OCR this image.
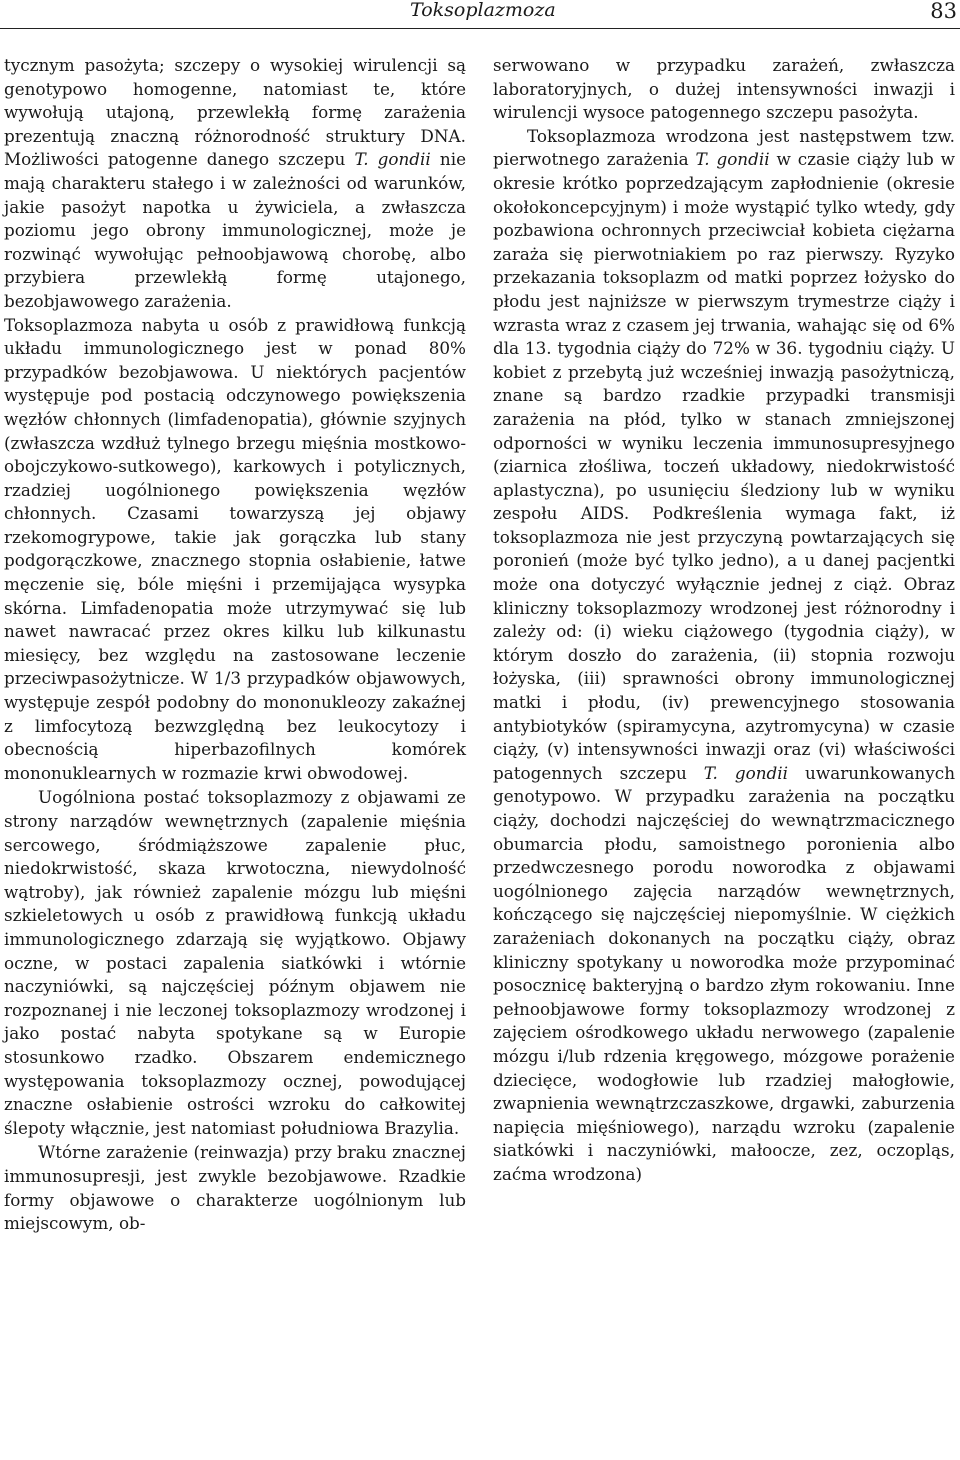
Toksoplazmoza	83

tycznym pasożyta; szczepy o wysokiej wirulencji są genotypowo homogenne, natomiast te, które wywołują utajoną, przewlekłą formę zarażenia prezentują znaczną różnorodność struktury DNA. Możliwości patogenne danego szczepu T. gondii nie mają charakteru stałego i w zależności od warunków, jakie pasożyt napotka u żywiciela, a zwłaszcza poziomu jego obrony immunologicznej, może je rozwinąć wywołując pełnoobjawową chorobę, albo przybiera przewlekłą formę utajonego, bezobjawowego zarażenia.

Toksoplazmoza nabyta u osób z prawidłową funkcją układu immunologicznego jest w ponad 80% przypadków bezobjawowa. U niektórych pacjentów występuje pod postacią odczynowego powiększenia węzłów chłonnych (limfadenopatia), głównie szyjnych (zwłaszcza wzdłuż tylnego brzegu mięśnia mostkowo-obojczykowo-sutkowego), karkowych i potylicznych, rzadziej uogólnionego powiększenia węzłów chłonnych. Czasami towarzyszą jej objawy rzekomogrypowe, takie jak gorączka lub stany podgorączkowe, znacznego stopnia osłabienie, łatwe męczenie się, bóle mięśni i przemijająca wysypka skórna. Limfadenopatia może utrzymywać się lub nawet nawracać przez okres kilku lub kilkunastu miesięcy, bez względu na zastosowane leczenie przeciwpasożytnicze. W 1/3 przypadków objawowych, występuje zespół podobny do mononukleozy zakaźnej z limfocytozą bezwzględną bez leukocytozy i obecnością hiperbazofilnych komórek mononuklearnych w rozmazie krwi obwodowej.

Uogólniona postać toksoplazmozy z objawami ze strony narządów wewnętrznych (zapalenie mięśnia sercowego, śródmiąższowe zapalenie płuc, niedokrwistość, skaza krwotoczna, niewydolność wątroby), jak również zapalenie mózgu lub mięśni szkieletowych u osób z prawidłową funkcją układu immunologicznego zdarzają się wyjątkowo. Objawy oczne, w postaci zapalenia siatkówki i wtórnie naczyniówki, są najczęściej późnym objawem nie rozpoznanej i nie leczonej toksoplazmozy wrodzonej i jako postać nabyta spotykane są w Europie stosunkowo rzadko. Obszarem endemicznego występowania toksoplazmozy ocznej, powodującej znaczne osłabienie ostrości wzroku do całkowitej ślepoty włącznie, jest natomiast południowa Brazylia.

Wtórne zarażenie (reinwazja) przy braku znacznej immunosupresji, jest zwykle bezobjawowe. Rzadkie formy objawowe o charakterze uogólnionym lub miejscowym, ob-

serwowano w przypadku zarażeń, zwłaszcza laboratoryjnych, o dużej intensywności inwazji i wirulencji wysoce patogennego szczepu pasożyta.

Toksoplazmoza wrodzona jest następstwem tzw. pierwotnego zarażenia T. gondii w czasie ciąży lub w okresie krótko poprzedzającym zapłodnienie (okresie okołokoncepcyjnym) i może wystąpić tylko wtedy, gdy pozbawiona ochronnych przeciwciał kobieta ciężarna zaraża się pierwotniakiem po raz pierwszy. Ryzyko przekazania toksoplazm od matki poprzez łożysko do płodu jest najniższe w pierwszym trymestrze ciąży i wzrasta wraz z czasem jej trwania, wahając się od 6% dla 13. tygodnia ciąży do 72% w 36. tygodniu ciąży. U kobiet z przebytą już wcześniej inwazją pasożytniczą, znane są bardzo rzadkie przypadki transmisji zarażenia na płód, tylko w stanach zmniejszonej odporności w wyniku leczenia immunosupresyjnego (ziarnica złośliwa, toczeń układowy, niedokrwistość aplastyczna), po usunięciu śledziony lub w wyniku zespołu AIDS. Podkreślenia wymaga fakt, iż toksoplazmoza nie jest przyczyną powtarzających się poronień (może być tylko jedno), a u danej pacjentki może ona dotyczyć wyłącznie jednej z ciąż. Obraz kliniczny toksoplazmozy wrodzonej jest różnorodny i zależy od: (i) wieku ciążowego (tygodnia ciąży), w którym doszło do zarażenia, (ii) stopnia rozwoju łożyska, (iii) sprawności obrony immunologicznej matki i płodu, (iv) prewencyjnego stosowania antybiotyków (spiramycyna, azytromycyna) w czasie ciąży, (v) intensywności inwazji oraz (vi) właściwości patogennych szczepu T. gondii uwarunkowanych genotypowo. W przypadku zarażenia na początku ciąży, dochodzi najczęściej do wewnątrzmacicznego obumarcia płodu, samoistnego poronienia albo przedwczesnego porodu noworodka z objawami uogólnionego zajęcia narządów wewnętrznych, kończącego się najczęściej niepomyślnie. W ciężkich zarażeniach dokonanych na początku ciąży, obraz kliniczny spotykany u noworodka może przypominać posocznicę bakteryjną o bardzo złym rokowaniu. Inne pełnoobjawowe formy toksoplazmozy wrodzonej z zajęciem ośrodkowego układu nerwowego (zapalenie mózgu i/lub rdzenia kręgowego, mózgowe porażenie dziecięce, wodogłowie lub rzadziej małogłowie, zwapnienia wewnątrzczaszkowe, drgawki, zaburzenia napięcia mięśniowego), narządu wzroku (zapalenie siatkówki i naczyniówki, małoocze, zez, oczopląs, zaćma wrodzona)
